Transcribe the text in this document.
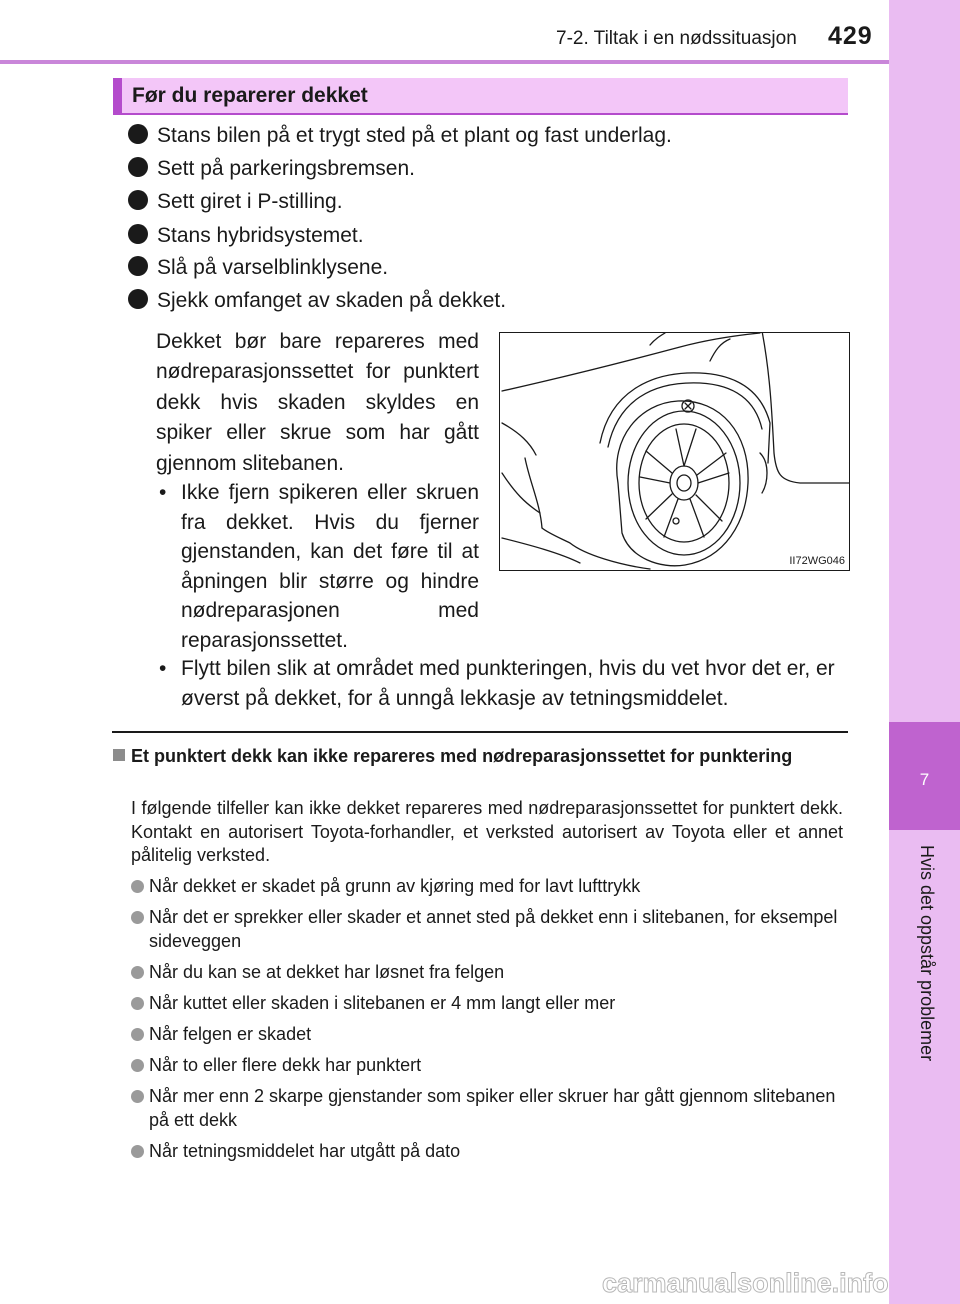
7-2. Tiltak i en nødssituasjon 429
7
Hvis det oppstår problemer
Før du reparerer dekket
Stans bilen på et trygt sted på et plant og fast underlag.
Sett på parkeringsbremsen.
Sett giret i P-stilling.
Stans hybridsystemet.
Slå på varselblinklysene.
Sjekk omfanget av skaden på dekket.
Dekket bør bare repareres med nødreparasjonssettet for punktert dekk hvis skaden skyldes en spiker eller skrue som har gått gjennom slitebanen.
• Ikke fjern spikeren eller skruen fra dekket. Hvis du fjerner gjenstanden, kan det føre til at åpningen blir større og hindre nødreparasjonen med reparasjonssettet.
• Flytt bilen slik at området med punkteringen, hvis du vet hvor det er, er øverst på dekket, for å unngå lekkasje av tetningsmiddelet.
II72WG046
Et punktert dekk kan ikke repareres med nødreparasjonssettet for punktering
I følgende tilfeller kan ikke dekket repareres med nødreparasjonssettet for punktert dekk. Kontakt en autorisert Toyota-forhandler, et verksted autorisert av Toyota eller et annet pålitelig verksted.
Når dekket er skadet på grunn av kjøring med for lavt lufttrykk
Når det er sprekker eller skader et annet sted på dekket enn i slitebanen, for eksempel sideveggen
Når du kan se at dekket har løsnet fra felgen
Når kuttet eller skaden i slitebanen er 4 mm langt eller mer
Når felgen er skadet
Når to eller flere dekk har punktert
Når mer enn 2 skarpe gjenstander som spiker eller skruer har gått gjennom slitebanen på ett dekk
Når tetningsmiddelet har utgått på dato
carmanualsonline.info
